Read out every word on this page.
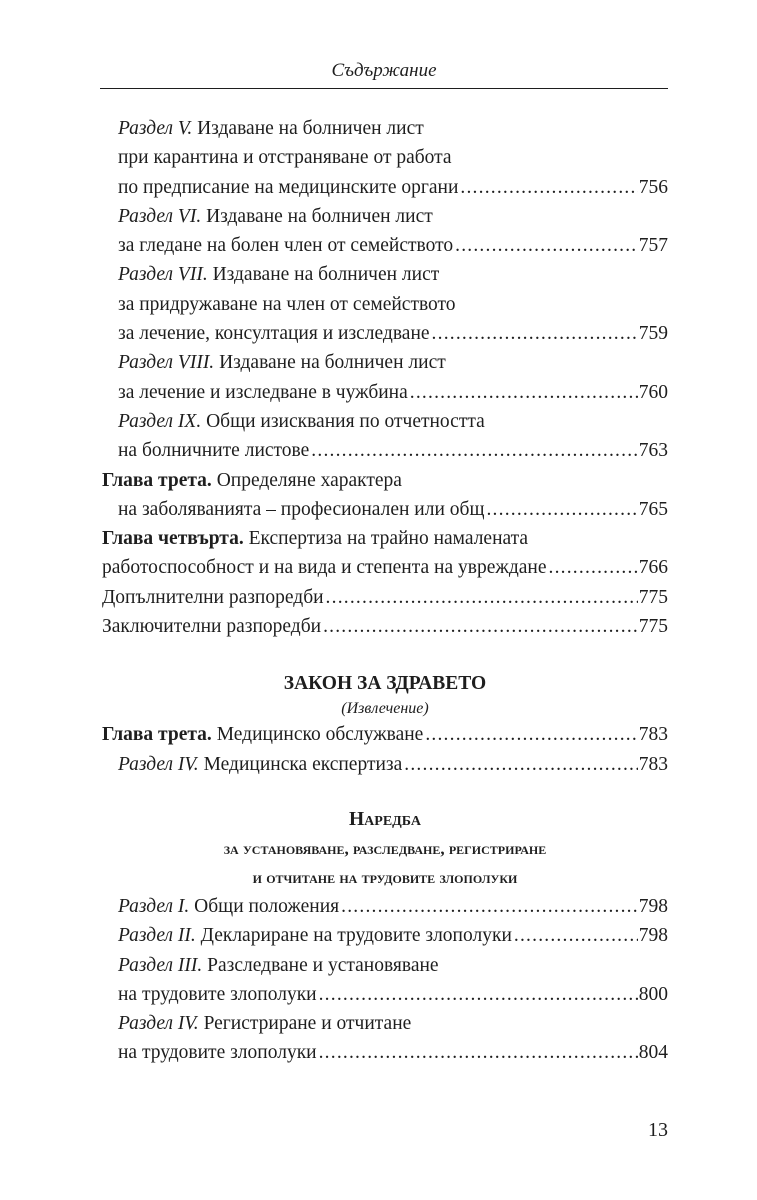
Съдържание
Раздел V. Издаване на болничен лист
при карантина и отстраняване от работа
по предписание на медицинските органи .....	756
Раздел VI. Издаване на болничен лист
за гледане на болен член от семейството .....	757
Раздел VII. Издаване на болничен лист
за придружаване на член от семейството
за лечение, консултация и изследване .....	759
Раздел VIII. Издаване на болничен лист
за лечение и изследване в чужбина .....	760
Раздел IX. Общи изисквания по отчетността
на болничните листове .....	763
Глава трета. Определяне характера
на заболяванията – професионален или общ .....	765
Глава четвърта. Експертиза на трайно намалената
работоспособност и на вида и степента на увреждане .....	766
Допълнителни разпоредби .....	775
Заключителни разпоредби .....	775
ЗАКОН ЗА ЗДРАВЕТО
(Извлечение)
Глава трета. Медицинско обслужване .....	783
Раздел IV. Медицинска експертиза .....	783
Наредба
за установяване, разследване, регистриране
и отчитане на трудовите злополуки
Раздел I. Общи положения .....	798
Раздел II. Деклариране на трудовите злополуки .....	798
Раздел III. Разследване и установяване
на трудовите злополуки .....	800
Раздел IV. Регистриране и отчитане
на трудовите злополуки .....	804
13
